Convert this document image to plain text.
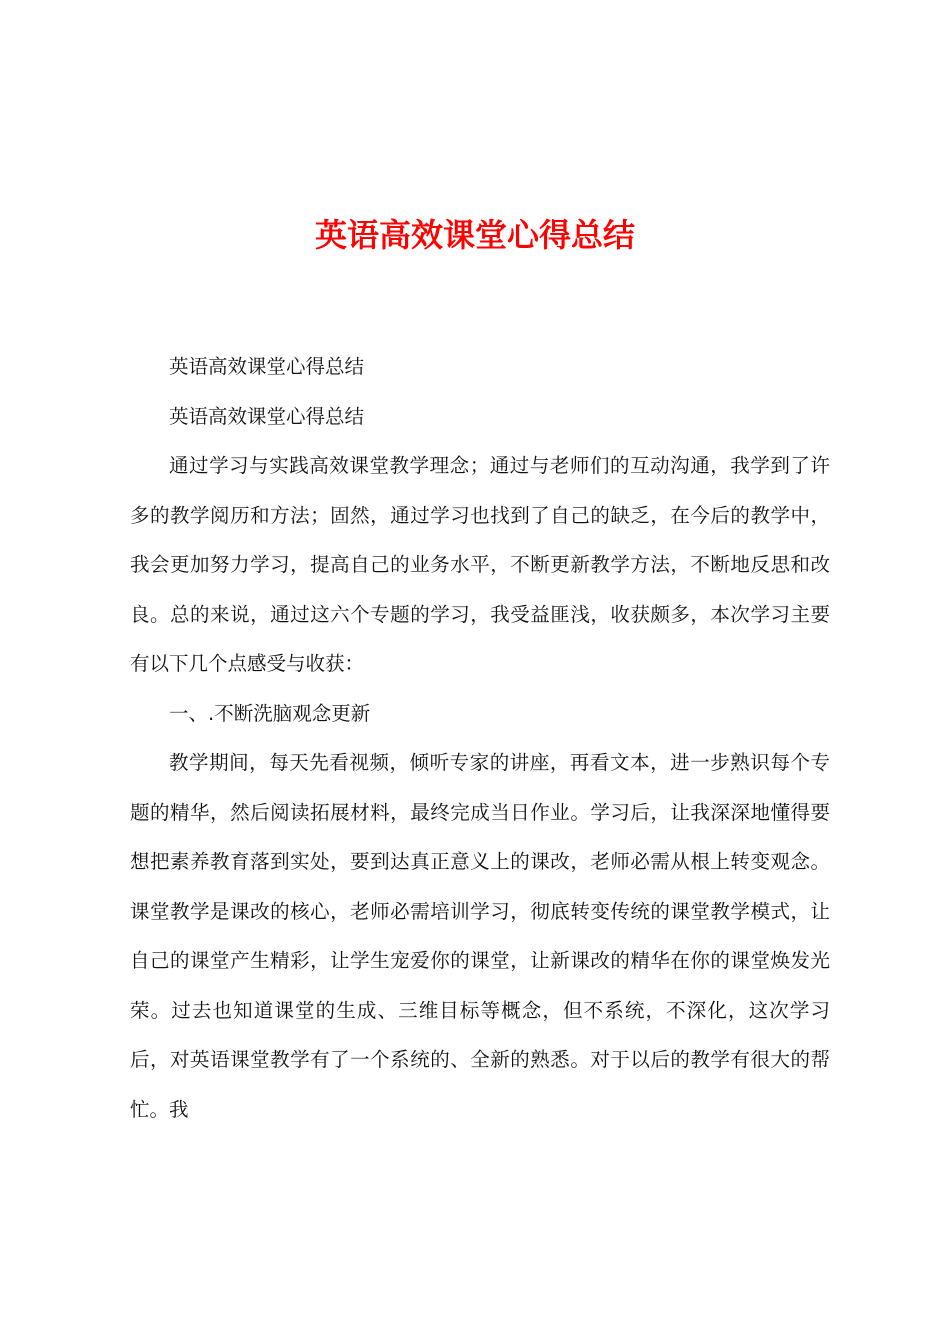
英语高效课堂心得总结

英语高效课堂心得总结

英语高效课堂心得总结

通过学习与实践高效课堂教学理念；通过与老师们的互动沟通，我学到了许多的教学阅历和方法；固然，通过学习也找到了自己的缺乏，在今后的教学中，我会更加努力学习，提高自己的业务水平，不断更新教学方法，不断地反思和改良。总的来说，通过这六个专题的学习，我受益匪浅，收获颇多，本次学习主要有以下几个点感受与收获：

一、.不断洗脑观念更新

教学期间，每天先看视频，倾听专家的讲座，再看文本，进一步熟识每个专题的精华，然后阅读拓展材料，最终完成当日作业。学习后，让我深深地懂得要想把素养教育落到实处，要到达真正意义上的课改，老师必需从根上转变观念。课堂教学是课改的核心，老师必需培训学习，彻底转变传统的课堂教学模式，让自己的课堂产生精彩，让学生宠爱你的课堂，让新课改的精华在你的课堂焕发光荣。过去也知道课堂的生成、三维目标等概念，但不系统，不深化，这次学习后，对英语课堂教学有了一个系统的、全新的熟悉。对于以后的教学有很大的帮忙。我
